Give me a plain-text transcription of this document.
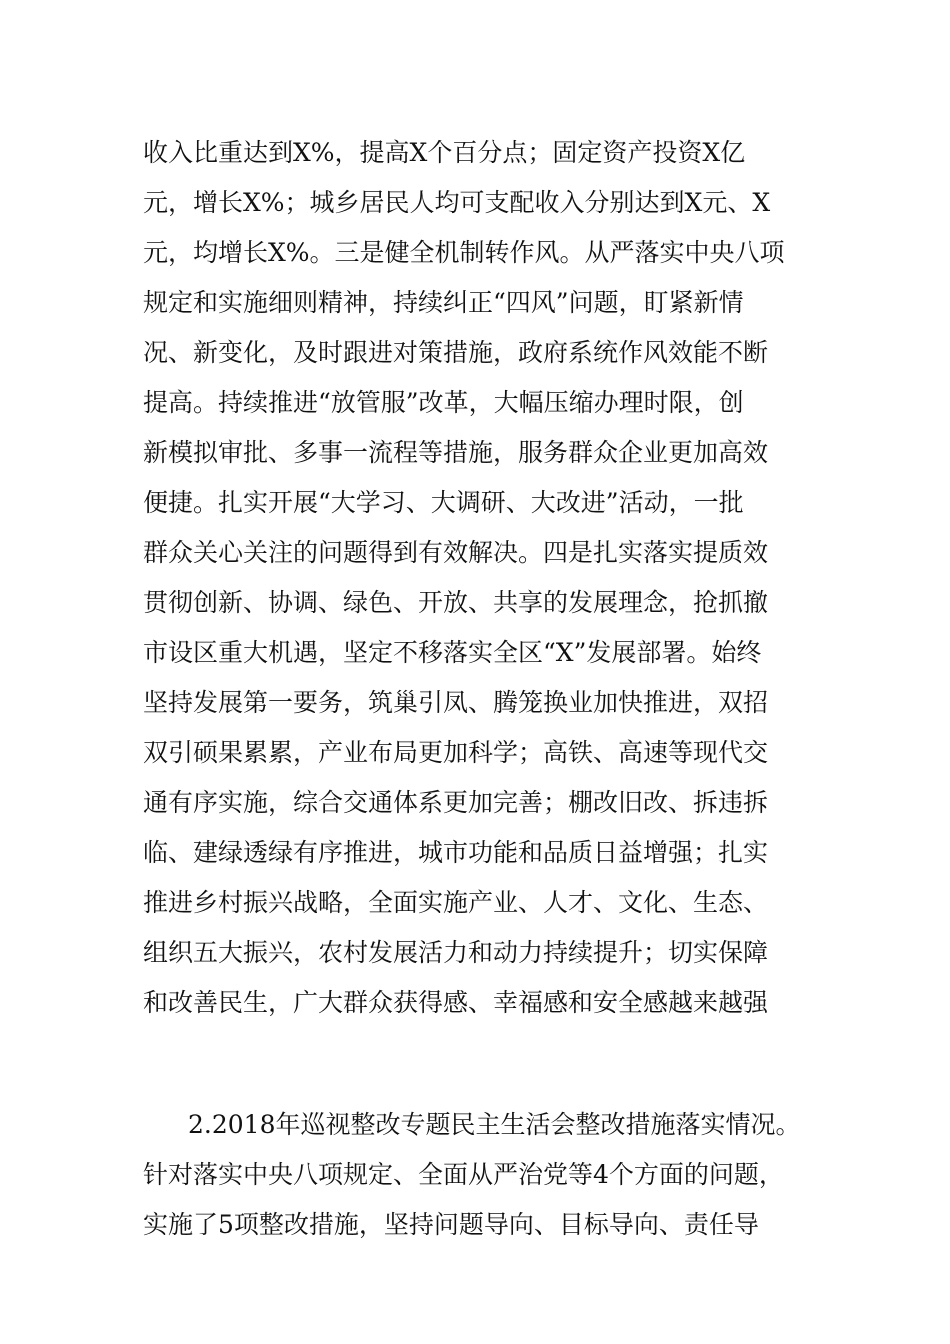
收入比重达到X%，提高X个百分点；固定资产投资X亿
元，增长X%；城乡居民人均可支配收入分别达到X元、X
元，均增长X%。三是健全机制转作风。从严落实中央八项
规定和实施细则精神，持续纠正“四风”问题，盯紧新情
况、新变化，及时跟进对策措施，政府系统作风效能不断
提高。持续推进“放管服”改革，大幅压缩办理时限，创
新模拟审批、多事一流程等措施，服务群众企业更加高效
便捷。扎实开展“大学习、大调研、大改进”活动，一批
群众关心关注的问题得到有效解决。四是扎实落实提质效
贯彻创新、协调、绿色、开放、共享的发展理念，抢抓撤
市设区重大机遇，坚定不移落实全区“X”发展部署。始终
坚持发展第一要务，筑巢引凤、腾笼换业加快推进，双招
双引硕果累累，产业布局更加科学；高铁、高速等现代交
通有序实施，综合交通体系更加完善；棚改旧改、拆违拆
临、建绿透绿有序推进，城市功能和品质日益增强；扎实
推进乡村振兴战略，全面实施产业、人才、文化、生态、
组织五大振兴，农村发展活力和动力持续提升；切实保障
和改善民生，广大群众获得感、幸福感和安全感越来越强
2.2018年巡视整改专题民主生活会整改措施落实情况。
针对落实中央八项规定、全面从严治党等4个方面的问题，
实施了5项整改措施，坚持问题导向、目标导向、责任导
